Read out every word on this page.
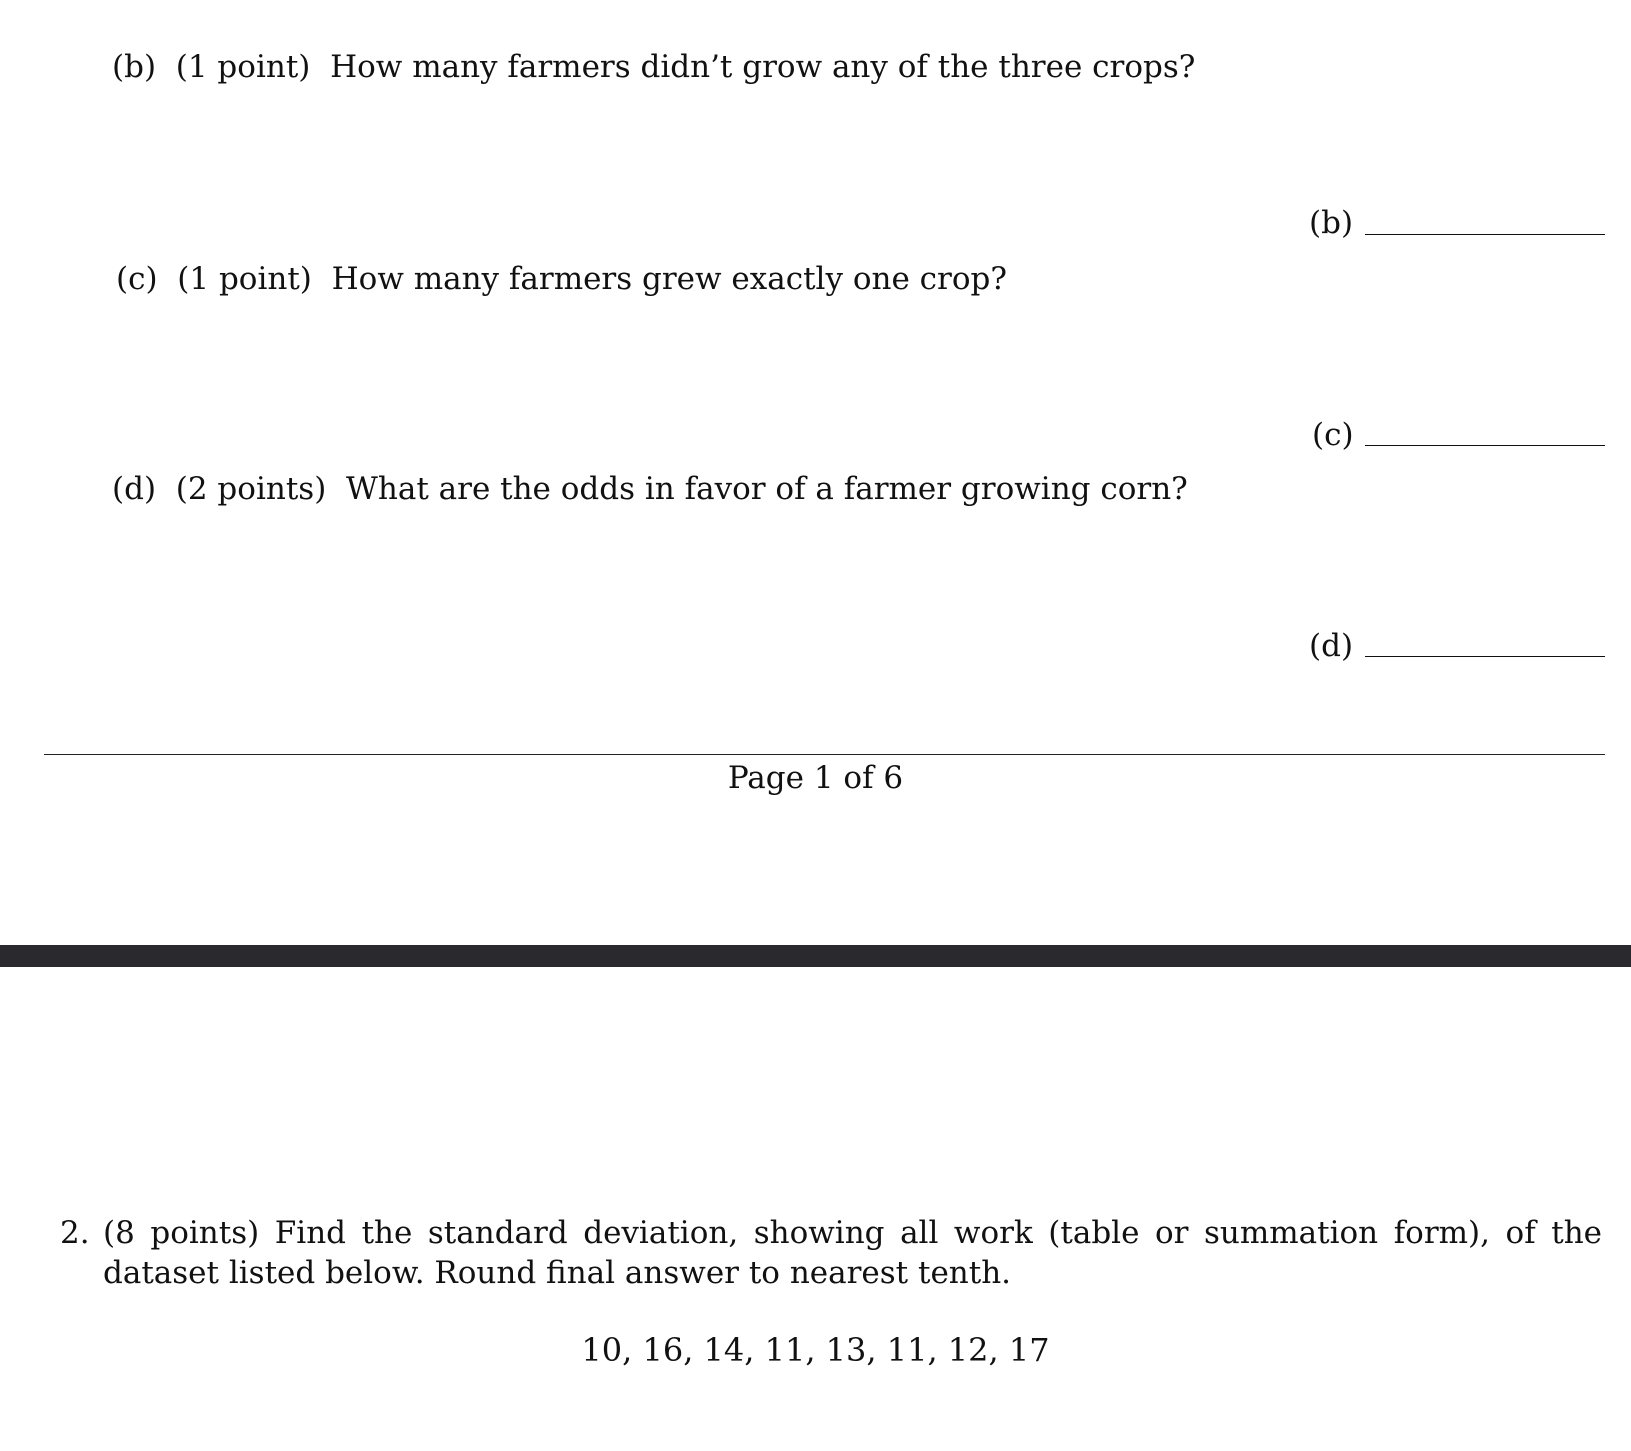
(b) (1 point) How many farmers didn’t grow any of the three crops?
(b)
(c) (1 point) How many farmers grew exactly one crop?
(c)
(d) (2 points) What are the odds in favor of a farmer growing corn?
(d)
Page 1 of 6
2. (8 points) Find the standard deviation, showing all work (table or summation form), of the dataset listed below. Round final answer to nearest tenth.
10, 16, 14, 11, 13, 11, 12, 17
